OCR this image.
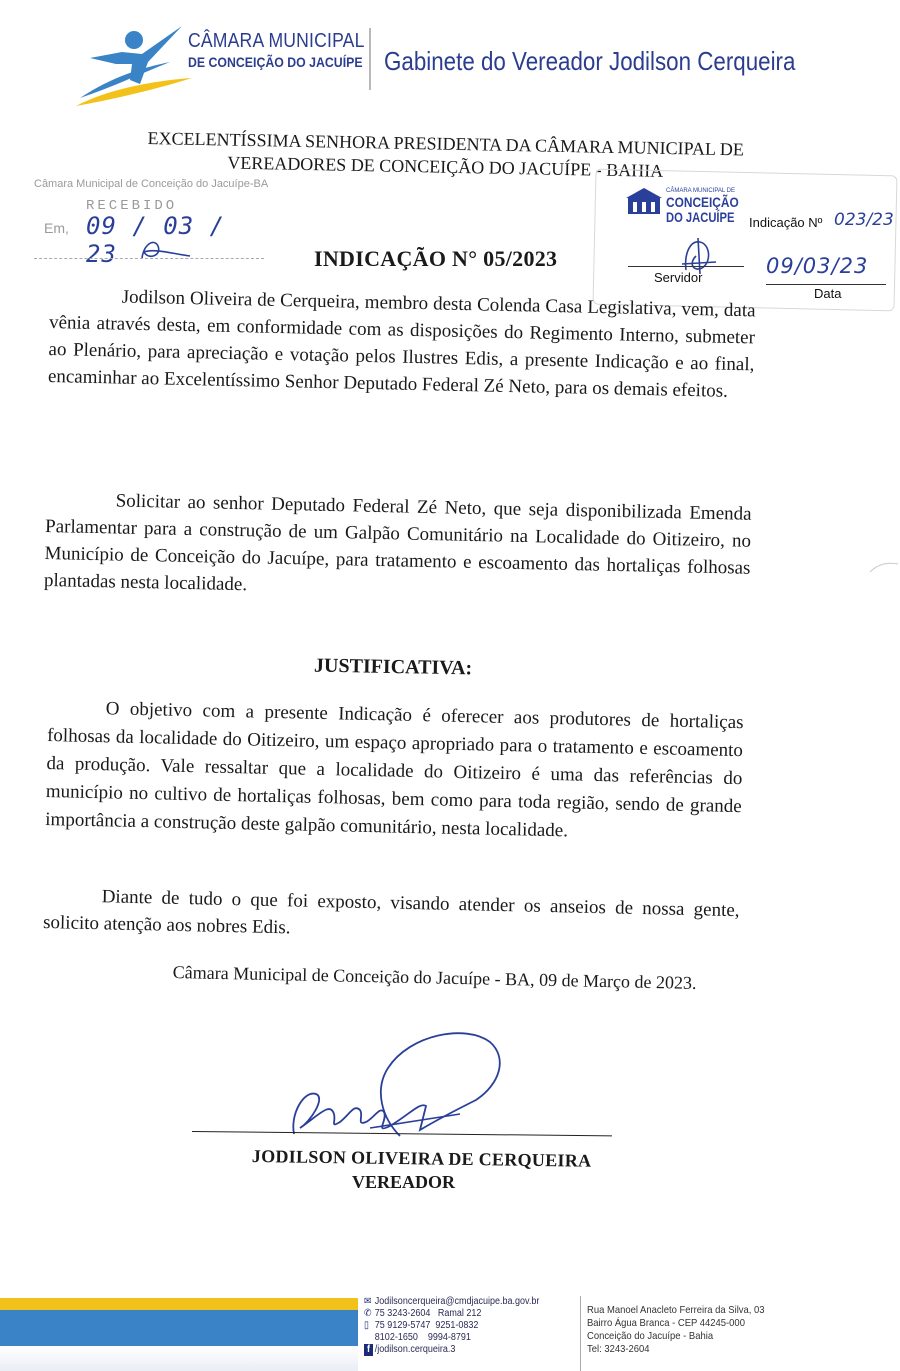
CÂMARA MUNICIPAL
DE CONCEIÇÃO DO JACUÍPE Gabinete do Vereador Jodilson Cerqueira
EXCELENTÍSSIMA SENHORA PRESIDENTA DA CÂMARA MUNICIPAL DE VEREADORES DE CONCEIÇÃO DO JACUÍPE - BAHIA
Câmara Municipal de Conceição do Jacuípe-BA
RECEBIDO
Em, 09 / 03 / 23
CÂMARA MUNICIPAL DE
CONCEIÇÃO
DO JACUÍPE Indicação Nº 023/23
Servidor	09/03/23
Data
INDICAÇÃO N° 05/2023
Jodilson Oliveira de Cerqueira, membro desta Colenda Casa Legislativa, vem, data vênia através desta, em conformidade com as disposições do Regimento Interno, submeter ao Plenário, para apreciação e votação pelos Ilustres Edis, a presente Indicação e ao final, encaminhar ao Excelentíssimo Senhor Deputado Federal Zé Neto, para os demais efeitos.
Solicitar ao senhor Deputado Federal Zé Neto, que seja disponibilizada Emenda Parlamentar para a construção de um Galpão Comunitário na Localidade do Oitizeiro, no Município de Conceição do Jacuípe, para tratamento e escoamento das hortaliças folhosas plantadas nesta localidade.
JUSTIFICATIVA:
O objetivo com a presente Indicação é oferecer aos produtores de hortaliças folhosas da localidade do Oitizeiro, um espaço apropriado para o tratamento e escoamento da produção. Vale ressaltar que a localidade do Oitizeiro é uma das referências do município no cultivo de hortaliças folhosas, bem como para toda região, sendo de grande importância a construção deste galpão comunitário, nesta localidade.
Diante de tudo o que foi exposto, visando atender os anseios de nossa gente, solicito atenção aos nobres Edis.
Câmara Municipal de Conceição do Jacuípe - BA, 09 de Março de 2023.
JODILSON OLIVEIRA DE CERQUEIRA
VEREADOR
✉ Jodilsoncerqueira@cmdjacuipe.ba.gov.br
✆ 75 3243-2604 Ramal 212
▯ 75 9129-5747 9251-0832
8102-1650 9994-8791
f /jodilson.cerqueira.3
Rua Manoel Anacleto Ferreira da Silva, 03
Bairro Água Branca - CEP 44245-000
Conceição do Jacuípe - Bahia
Tel: 3243-2604
